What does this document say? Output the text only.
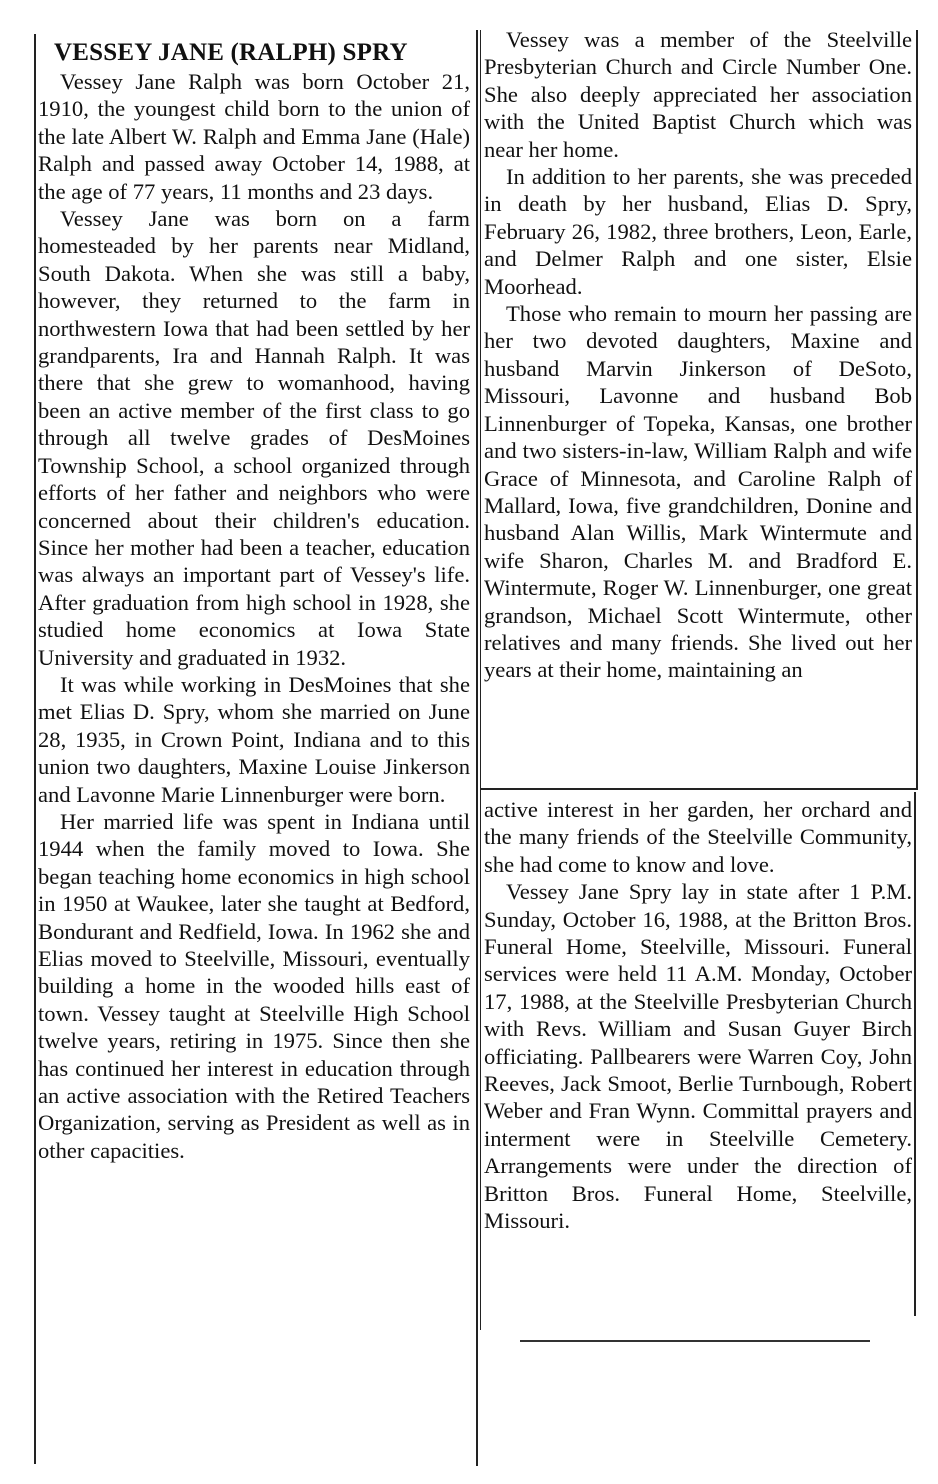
VESSEY JANE (RALPH) SPRY

Vessey Jane Ralph was born October 21, 1910, the youngest child born to the union of the late Albert W. Ralph and Emma Jane (Hale) Ralph and passed away October 14, 1988, at the age of 77 years, 11 months and 23 days.

Vessey Jane was born on a farm homesteaded by her parents near Midland, South Dakota. When she was still a baby, however, they returned to the farm in northwestern Iowa that had been settled by her grandparents, Ira and Hannah Ralph. It was there that she grew to womanhood, having been an active member of the first class to go through all twelve grades of DesMoines Township School, a school organized through efforts of her father and neighbors who were concerned about their children's education. Since her mother had been a teacher, education was always an important part of Vessey's life. After graduation from high school in 1928, she studied home economics at Iowa State University and graduated in 1932.

It was while working in DesMoines that she met Elias D. Spry, whom she married on June 28, 1935, in Crown Point, Indiana and to this union two daughters, Maxine Louise Jinkerson and Lavonne Marie Linnenburger were born.

Her married life was spent in Indiana until 1944 when the family moved to Iowa. She began teaching home economics in high school in 1950 at Waukee, later she taught at Bedford, Bondurant and Redfield, Iowa. In 1962 she and Elias moved to Steelville, Missouri, eventually building a home in the wooded hills east of town. Vessey taught at Steelville High School twelve years, retiring in 1975. Since then she has continued her interest in education through an active association with the Retired Teachers Organization, serving as President as well as in other capacities.

Vessey was a member of the Steelville Presbyterian Church and Circle Number One. She also deeply appreciated her association with the United Baptist Church which was near her home.

In addition to her parents, she was preceded in death by her husband, Elias D. Spry, February 26, 1982, three brothers, Leon, Earle, and Delmer Ralph and one sister, Elsie Moorhead.

Those who remain to mourn her passing are her two devoted daughters, Maxine and husband Marvin Jinkerson of DeSoto, Missouri, Lavonne and husband Bob Linnenburger of Topeka, Kansas, one brother and two sisters-in-law, William Ralph and wife Grace of Minnesota, and Caroline Ralph of Mallard, Iowa, five grandchildren, Donine and husband Alan Willis, Mark Wintermute and wife Sharon, Charles M. and Bradford E. Wintermute, Roger W. Linnenburger, one great grandson, Michael Scott Wintermute, other relatives and many friends. She lived out her years at their home, maintaining an

active interest in her garden, her orchard and the many friends of the Steelville Community, she had come to know and love.

Vessey Jane Spry lay in state after 1 P.M. Sunday, October 16, 1988, at the Britton Bros. Funeral Home, Steelville, Missouri. Funeral services were held 11 A.M. Monday, October 17, 1988, at the Steelville Presbyterian Church with Revs. William and Susan Guyer Birch officiating. Pallbearers were Warren Coy, John Reeves, Jack Smoot, Berlie Turnbough, Robert Weber and Fran Wynn. Committal prayers and interment were in Steelville Cemetery. Arrangements were under the direction of Britton Bros. Funeral Home, Steelville, Missouri.
